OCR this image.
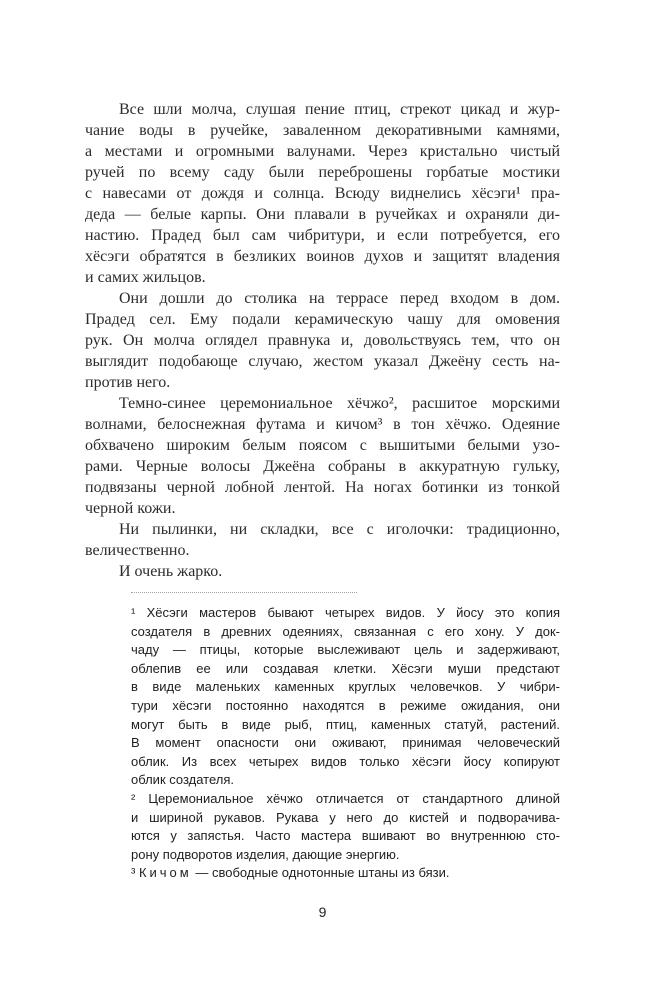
Все шли молча, слушая пение птиц, стрекот цикад и жур-
чание воды в ручейке, заваленном декоративными камнями,
а местами и огромными валунами. Через кристально чистый
ручей по всему саду были переброшены горбатые мостики
с навесами от дождя и солнца. Всюду виднелись хёсэги¹ пра-
деда — белые карпы. Они плавали в ручейках и охраняли ди-
настию. Прадед был сам чибритури, и если потребуется, его
хёсэги обратятся в безликих воинов духов и защитят владения
и самих жильцов.
Они дошли до столика на террасе перед входом в дом.
Прадед сел. Ему подали керамическую чашу для омовения
рук. Он молча оглядел правнука и, довольствуясь тем, что он
выглядит подобающе случаю, жестом указал Джеёну сесть на-
против него.
Темно-синее церемониальное хёчжо², расшитое морскими
волнами, белоснежная футама и кичом³ в тон хёчжо. Одеяние
обхвачено широким белым поясом с вышитыми белыми узо-
рами. Черные волосы Джеёна собраны в аккуратную гульку,
подвязаны черной лобной лентой. На ногах ботинки из тонкой
черной кожи.
Ни пылинки, ни складки, все с иголочки: традиционно,
величественно.
И очень жарко.
¹ Хёсэги мастеров бывают четырех видов. У йосу это копия
создателя в древних одеяниях, связанная с его хону. У док-
чаду — птицы, которые выслеживают цель и задерживают,
облепив ее или создавая клетки. Хёсэги муши предстают
в виде маленьких каменных круглых человечков. У чибри-
тури хёсэги постоянно находятся в режиме ожидания, они
могут быть в виде рыб, птиц, каменных статуй, растений.
В момент опасности они оживают, принимая человеческий
облик. Из всех четырех видов только хёсэги йосу копируют
облик создателя.
² Церемониальное хёчжо отличается от стандартного длиной
и шириной рукавов. Рукава у него до кистей и подворачива-
ются у запястья. Часто мастера вшивают во внутреннюю сто-
рону подворотов изделия, дающие энергию.
³ Кичом — свободные однотонные штаны из бязи.
9
